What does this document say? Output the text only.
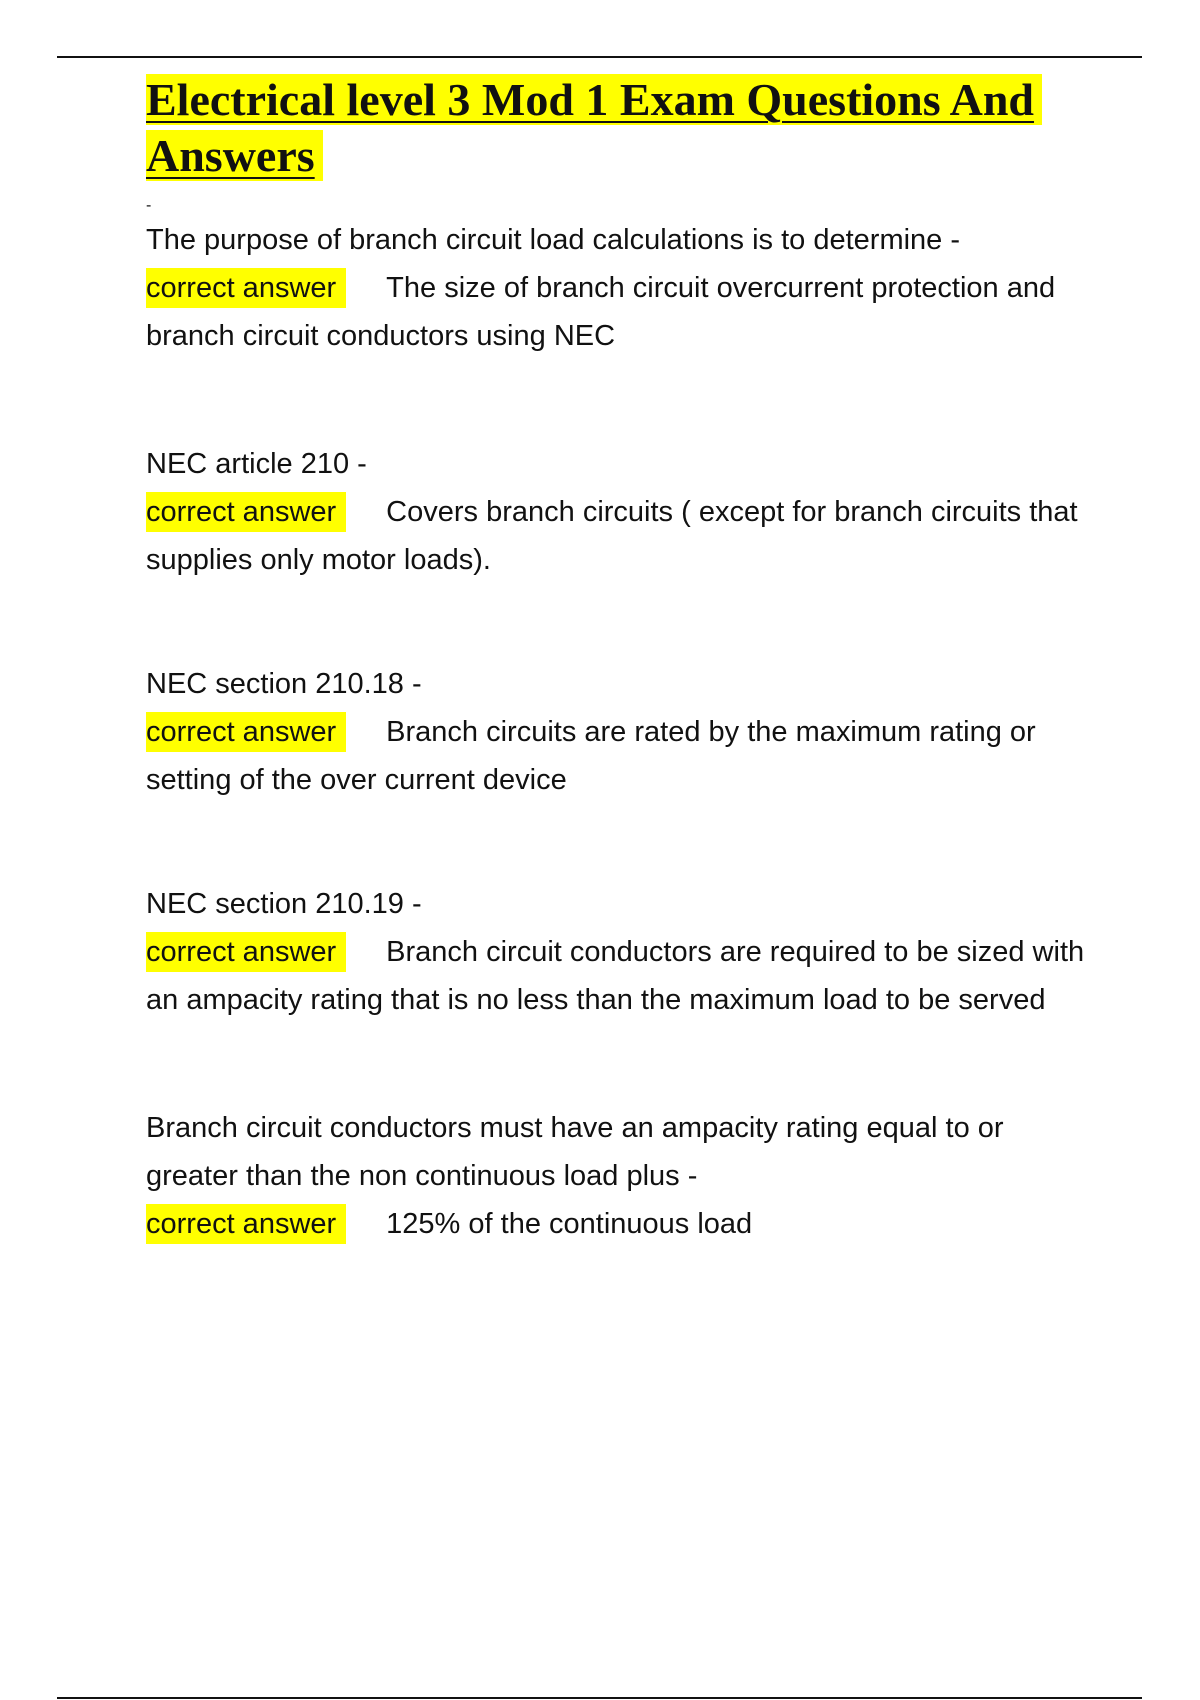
Electrical level 3 Mod 1 Exam Questions And Answers
-

The purpose of branch circuit load calculations is to determine -

correct answer The size of branch circuit overcurrent protection and branch circuit conductors using NEC

NEC article 210 -

correct answer Covers branch circuits ( except for branch circuits that supplies only motor loads).

NEC section 210.18 -

correct answer Branch circuits are rated by the maximum rating or setting of the over current device

NEC section 210.19 -

correct answer Branch circuit conductors are required to be sized with an ampacity rating that is no less than the maximum load to be served

Branch circuit conductors must have an ampacity rating equal to or greater than the non continuous load plus -

correct answer 125% of the continuous load
